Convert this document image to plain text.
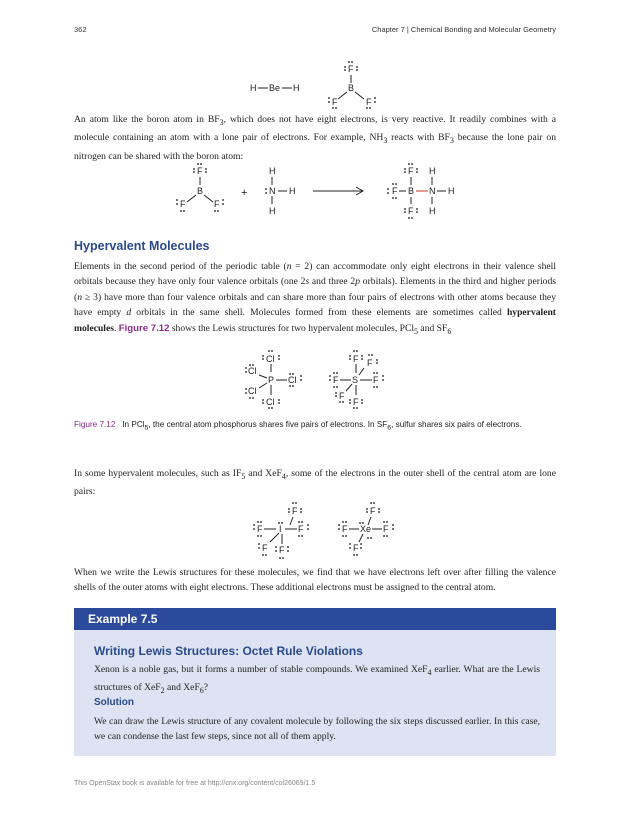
362	Chapter 7 | Chemical Bonding and Molecular Geometry
H Be H
F
B
F	F
An atom like the boron atom in $BF_3$, which does not have eight electrons, is very reactive. It readily combines with a molecule containing an atom with a lone pair of electrons. For example, $NH_3$ reacts with $BF_3$ because the lone pair on nitrogen can be shared with the boron atom:
F
B
F	F
+
H
N H
H
F
F B N H
H
F H
Hypervalent Molecules
Elements in the second period of the periodic table (n = 2) can accommodate only eight electrons in their valence shell orbitals because they have only four valence orbitals (one 2s and three 2p orbitals). Elements in the third and higher periods (n ≥ 3) have more than four valence orbitals and can share more than four pairs of electrons with other atoms because they have empty d orbitals in the same shell. Molecules formed from these elements are sometimes called hypervalent molecules. Figure 7.12 shows the Lewis structures for two hypervalent molecules, PCl$_5$ and $SF_6$
Cl
Cl
P Cl
Cl
Cl
F F
F S F
F
F
Figure 7.12 In PCl$_5$, the central atom phosphorus shares five pairs of electrons. In $SF_6$, sulfur shares six pairs of electrons.
In some hypervalent molecules, such as $IF_5$ and XeF$_4$, some of the electrons in the outer shell of the central atom are lone pairs:
F
F I F
F F
F
F Xe F
F
When we write the Lewis structures for these molecules, we find that we have electrons left over after filling the valence shells of the outer atoms with eight electrons. These additional electrons must be assigned to the central atom.
Example 7.5
Writing Lewis Structures: Octet Rule Violations
Xenon is a noble gas, but it forms a number of stable compounds. We examined XeF$_4$ earlier. What are the Lewis structures of XeF$_2$ and XeF$_6$?
Solution
We can draw the Lewis structure of any covalent molecule by following the six steps discussed earlier. In this case, we can condense the last few steps, since not all of them apply.
This OpenStax book is available for free at http://cnx.org/content/col26069/1.5
